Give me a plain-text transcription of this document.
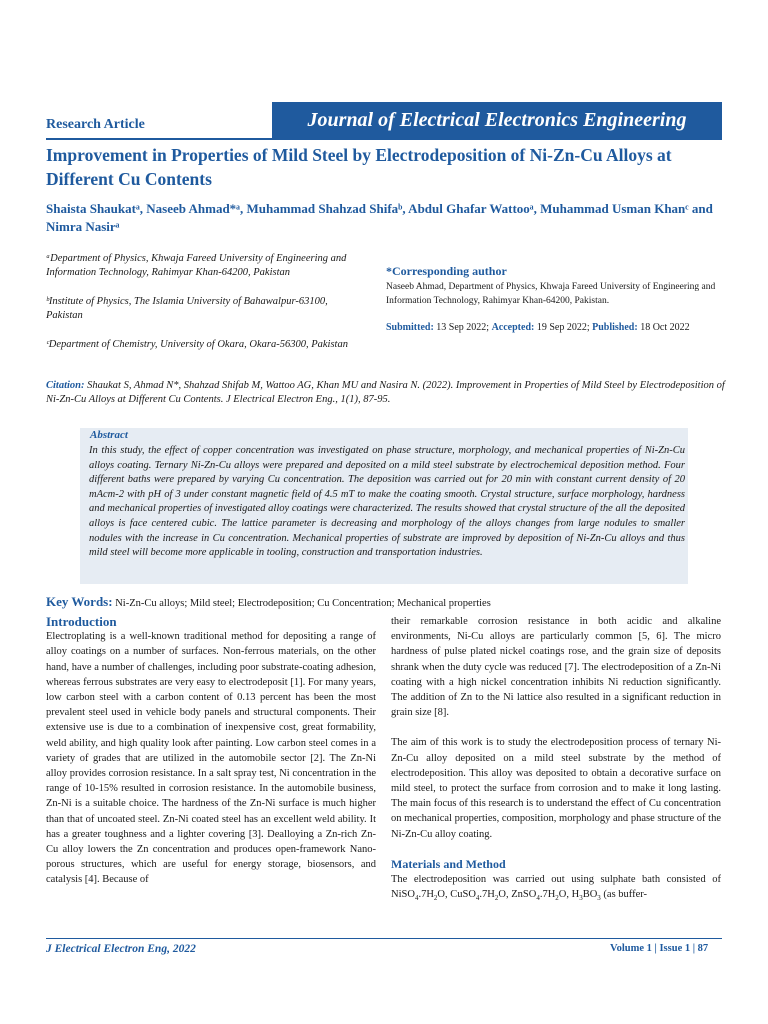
Research Article	Journal of Electrical Electronics Engineering
Improvement in Properties of Mild Steel by Electrodeposition of Ni-Zn-Cu Alloys at Different Cu Contents
Shaista Shaukatᵃ, Naseeb Ahmad*ᵃ, Muhammad Shahzad Shifaᵇ, Abdul Ghafar Wattooᵃ, Muhammad Usman Khanᶜ and Nimra Nasirᵃ
ᵃDepartment of Physics, Khwaja Fareed University of Engineering and Information Technology, Rahimyar Khan-64200, Pakistan
ᵇInstitute of Physics, The Islamia University of Bahawalpur-63100, Pakistan
ᶜDepartment of Chemistry, University of Okara, Okara-56300, Pakistan
*Corresponding author
Naseeb Ahmad, Department of Physics, Khwaja Fareed University of Engineering and Information Technology, Rahimyar Khan-64200, Pakistan.
Submitted: 13 Sep 2022; Accepted: 19 Sep 2022; Published: 18 Oct 2022
Citation: Shaukat S, Ahmad N*, Shahzad Shifab M, Wattoo AG, Khan MU and Nasira N. (2022). Improvement in Properties of Mild Steel by Electrodeposition of Ni-Zn-Cu Alloys at Different Cu Contents. J Electrical Electron Eng., 1(1), 87-95.
Abstract
In this study, the effect of copper concentration was investigated on phase structure, morphology, and mechanical properties of Ni-Zn-Cu alloys coating. Ternary Ni-Zn-Cu alloys were prepared and deposited on a mild steel substrate by electrochemical deposition method. Four different baths were prepared by varying Cu concentration. The deposition was carried out for 20 min with constant current density of 20 mAcm-2 with pH of 3 under constant magnetic field of 4.5 mT to make the coating smooth. Crystal structure, surface morphology, hardness and mechanical properties of investigated alloy coatings were characterized. The results showed that crystal structure of the all the deposited alloys is face centered cubic. The lattice parameter is decreasing and morphology of the alloys changes from large nodules to smaller nodules with the increase in Cu concentration. Mechanical properties of substrate are improved by deposition of Ni-Zn-Cu alloys and thus mild steel will become more applicable in tooling, construction and transportation industries.
Key Words: Ni-Zn-Cu alloys; Mild steel; Electrodeposition; Cu Concentration; Mechanical properties
Introduction
Electroplating is a well-known traditional method for depositing a range of alloy coatings on a number of surfaces. Non-ferrous materials, on the other hand, have a number of challenges, including poor substrate-coating adhesion, whereas ferrous substrates are very easy to electrodeposit [1]. For many years, low carbon steel with a carbon content of 0.13 percent has been the most prevalent steel used in vehicle body panels and structural components. Their extensive use is due to a combination of inexpensive cost, great formability, weld ability, and high quality look after painting. Low carbon steel comes in a variety of grades that are utilized in the automobile sector [2]. The Zn-Ni alloy provides corrosion resistance. In a salt spray test, Ni concentration in the range of 10-15% resulted in corrosion resistance. In the automobile business, Zn-Ni is a suitable choice. The hardness of the Zn-Ni surface is much higher than that of uncoated steel. Zn-Ni coated steel has an excellent weld ability. It has a greater toughness and a lighter covering [3]. Dealloying a Zn-rich Zn-Cu alloy lowers the Zn concentration and produces open-framework Nano-porous structures, which are useful for energy storage, biosensors, and catalysis [4]. Because of
their remarkable corrosion resistance in both acidic and alkaline environments, Ni-Cu alloys are particularly common [5, 6]. The micro hardness of pulse plated nickel coatings rose, and the grain size of deposits shrank when the duty cycle was reduced [7]. The electrodeposition of a Zn-Ni coating with a high nickel concentration inhibits Ni reduction significantly. The addition of Zn to the Ni lattice also resulted in a significant reduction in grain size [8].
The aim of this work is to study the electrodeposition process of ternary Ni-Zn-Cu alloy deposited on a mild steel substrate by the method of electrodeposition. This alloy was deposited to obtain a decorative surface on mild steel, to protect the surface from corrosion and to make it long lasting. The main focus of this research is to understand the effect of Cu concentration on mechanical properties, composition, morphology and phase structure of the Ni-Zn-Cu alloy coating.
Materials and Method
The electrodeposition was carried out using sulphate bath consisted of $NiSO_4.7H_2O$, $CuSO_4.7H_2O$, $ZnSO_4.7H_2O$, $H_3BO_3$ (as buffer-
J Electrical Electron Eng, 2022	Volume 1 | Issue 1 | 87
